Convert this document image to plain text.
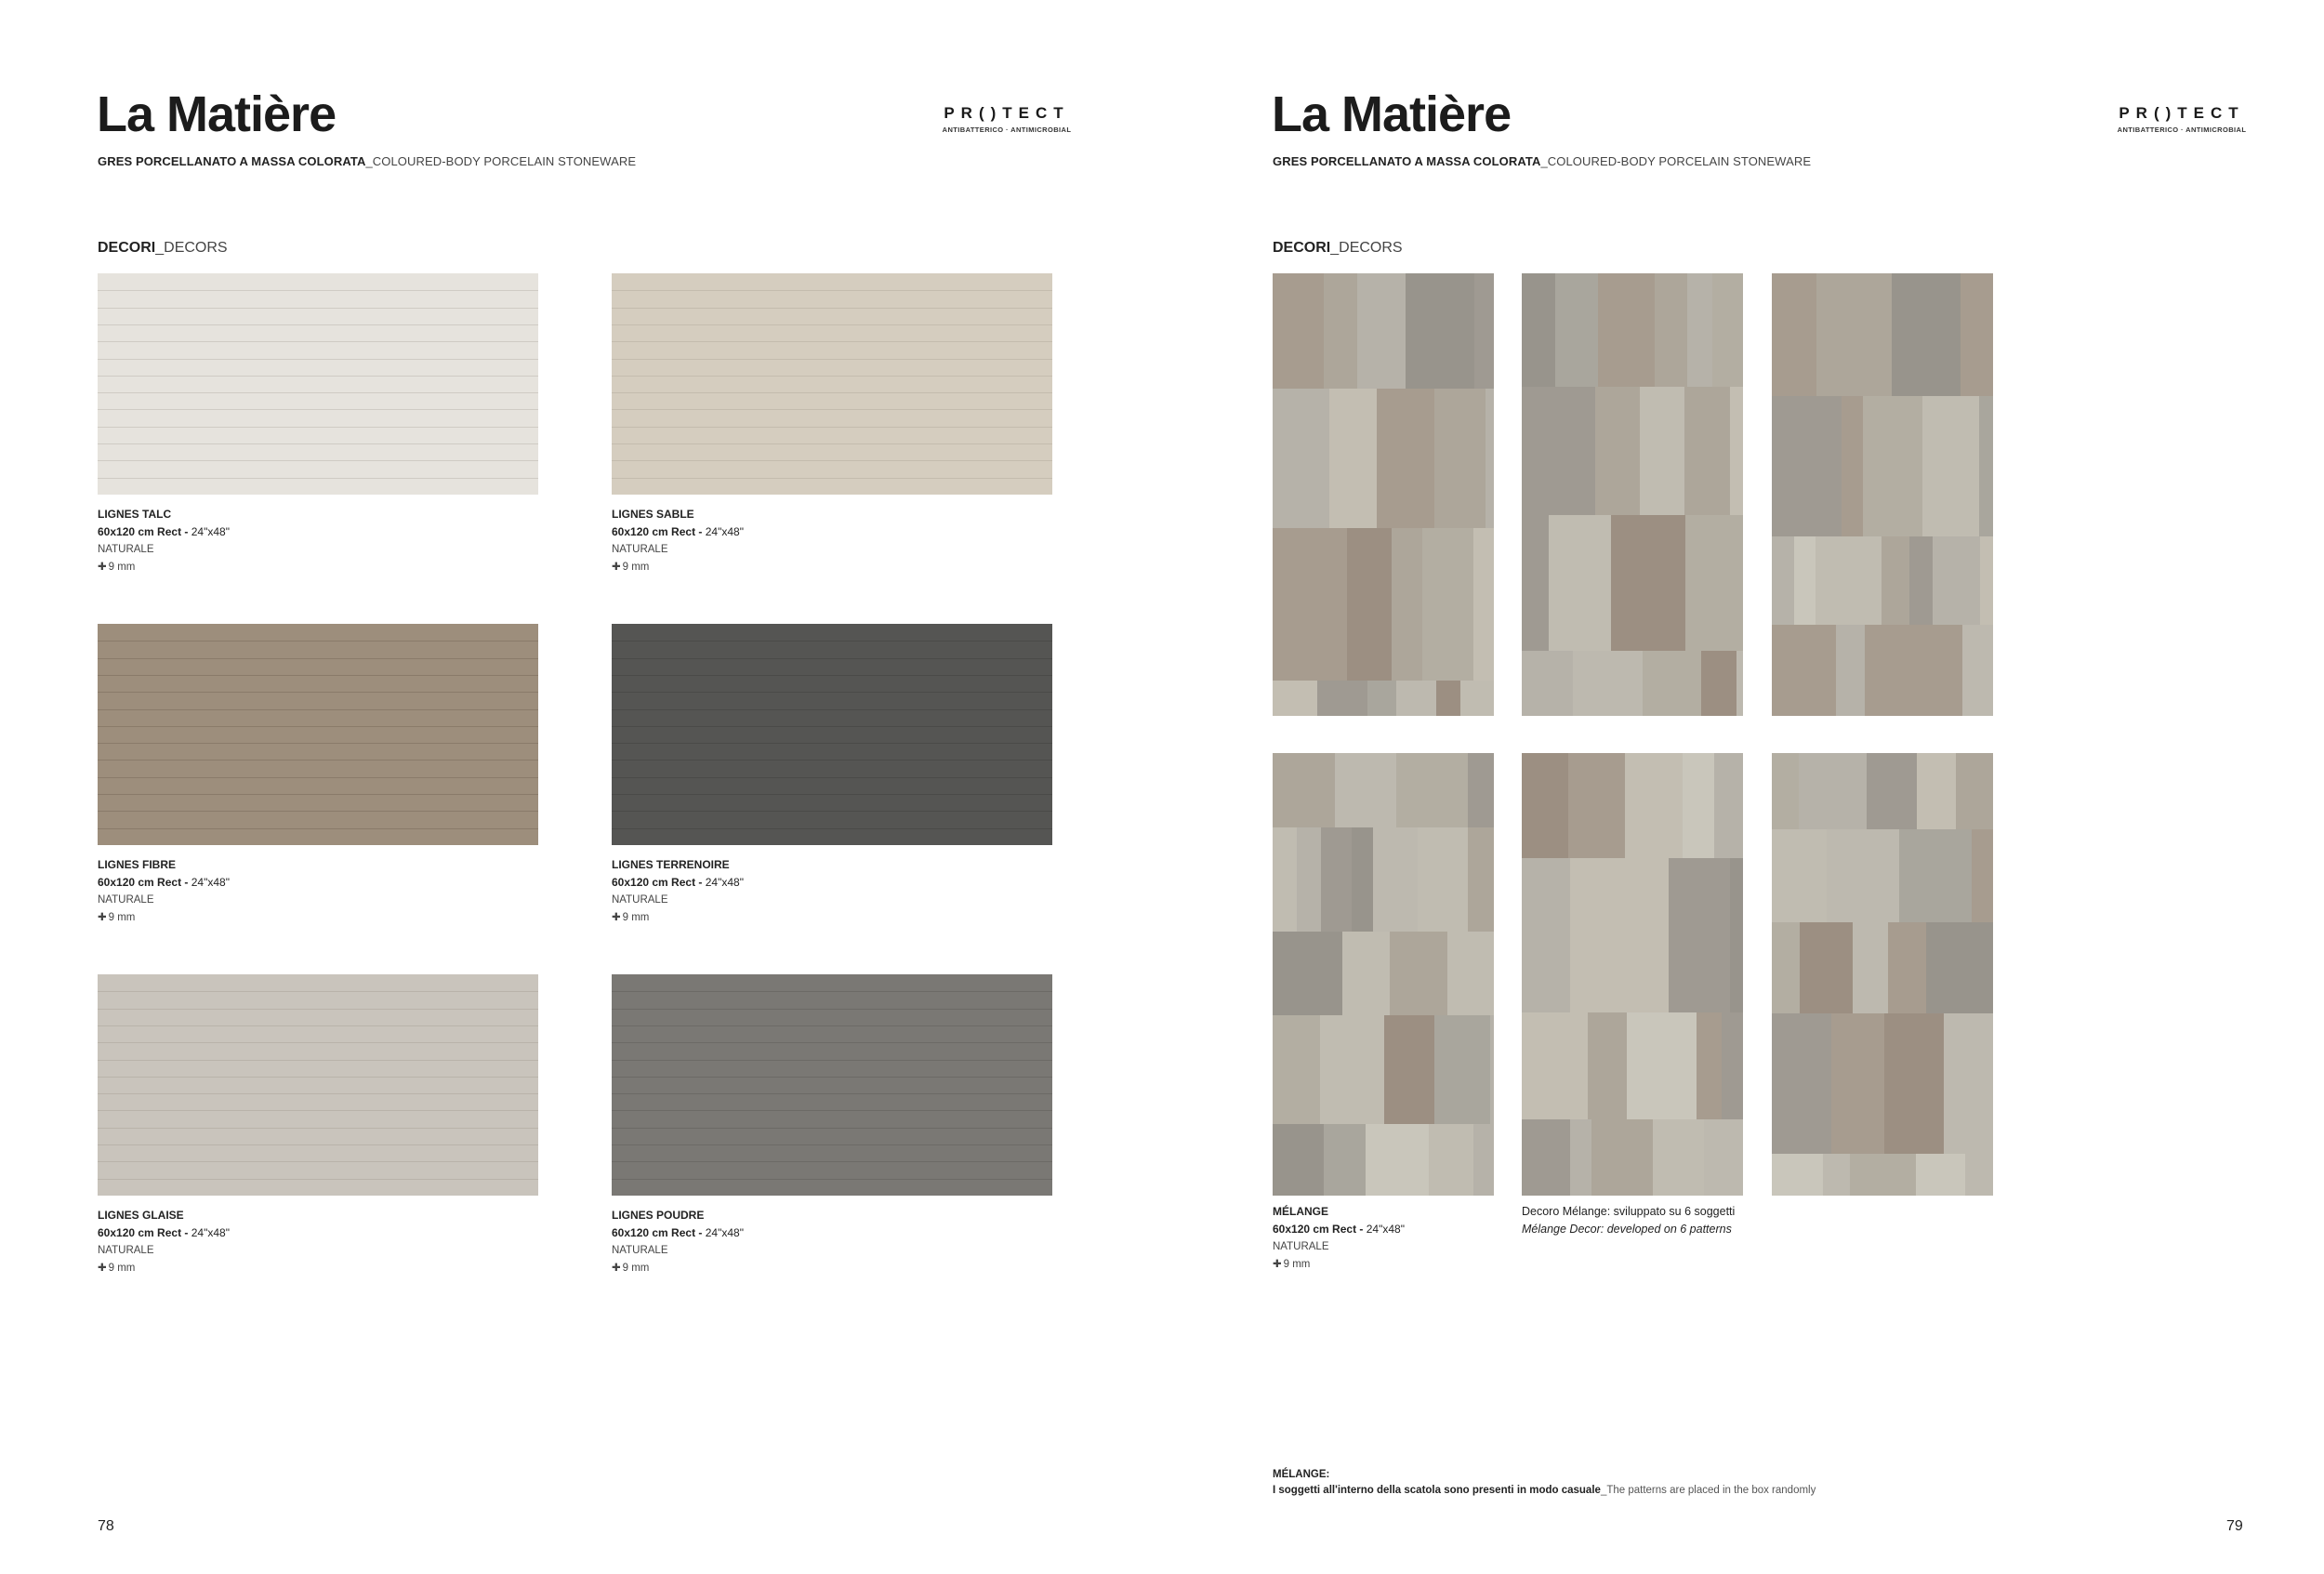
La Matière
GRES PORCELLANATO A MASSA COLORATA_COLOURED-BODY PORCELAIN STONEWARE
PR()TECT
ANTIBATTERICO · ANTIMICROBIAL
DECORI_DECORS
LIGNES TALC
60x120 cm Rect - 24"x48"
NATURALE
✚ 9 mm
LIGNES SABLE
60x120 cm Rect - 24"x48"
NATURALE
✚ 9 mm
LIGNES FIBRE
60x120 cm Rect - 24"x48"
NATURALE
✚ 9 mm
LIGNES TERRENOIRE
60x120 cm Rect - 24"x48"
NATURALE
✚ 9 mm
LIGNES GLAISE
60x120 cm Rect - 24"x48"
NATURALE
✚ 9 mm
LIGNES POUDRE
60x120 cm Rect - 24"x48"
NATURALE
✚ 9 mm
78
La Matière
GRES PORCELLANATO A MASSA COLORATA_COLOURED-BODY PORCELAIN STONEWARE
PR()TECT
ANTIBATTERICO · ANTIMICROBIAL
DECORI_DECORS
MÉLANGE
60x120 cm Rect - 24"x48"
NATURALE
✚ 9 mm
Decoro Mélange: sviluppato su 6 soggetti
Mélange Decor: developed on 6 patterns
MÉLANGE:
I soggetti all'interno della scatola sono presenti in modo casuale_The patterns are placed in the box randomly
79
